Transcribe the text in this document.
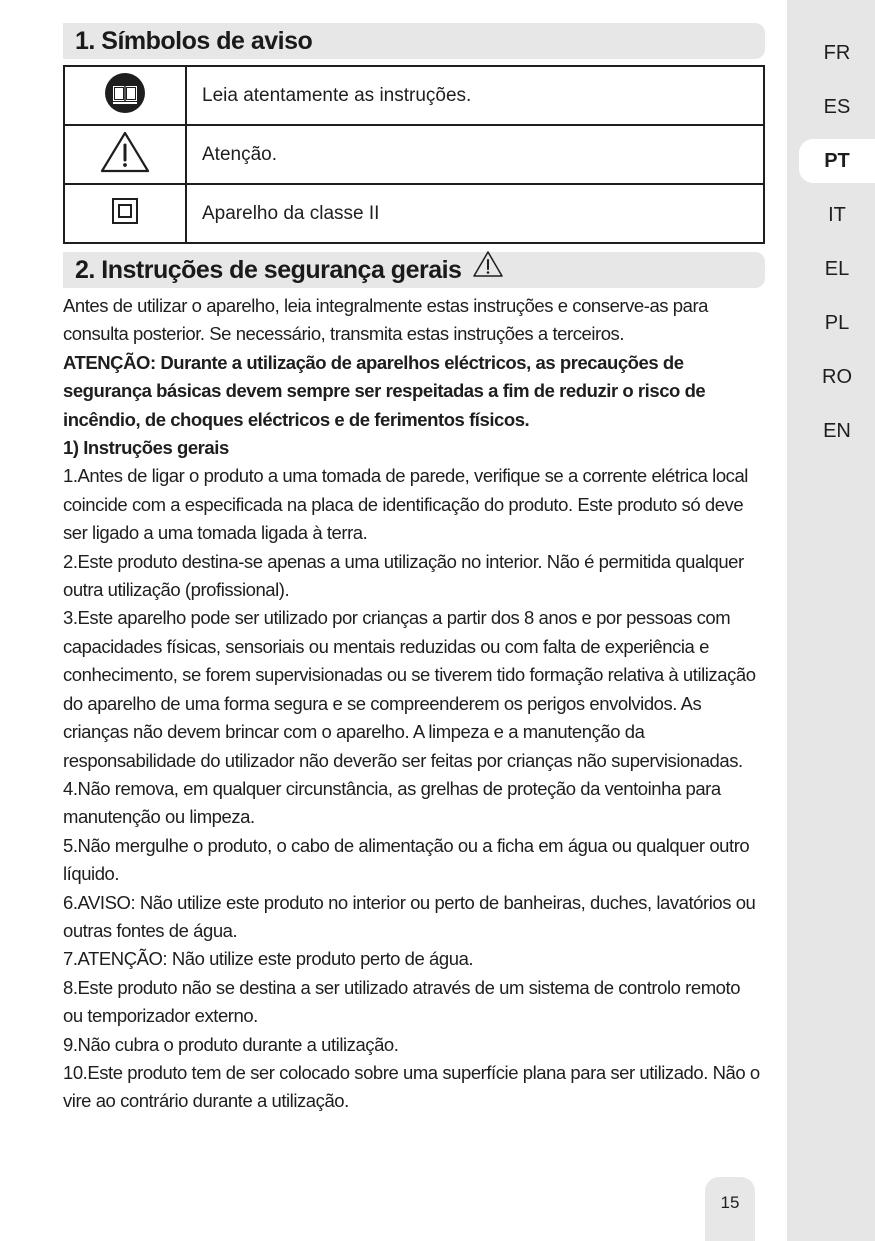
1. Símbolos de aviso
	Leia atentamente as instruções.
	Atenção.
	Aparelho da classe II
2. Instruções de segurança gerais

Antes de utilizar o aparelho, leia integralmente estas instruções e conserve-as para consulta posterior. Se necessário, transmita estas instruções a terceiros.

ATENÇÃO: Durante a utilização de aparelhos eléctricos, as precauções de segurança básicas devem sempre ser respeitadas a fim de reduzir o risco de incêndio, de choques eléctricos e de ferimentos físicos.

1) Instruções gerais

1.Antes de ligar o produto a uma tomada de parede, verifique se a corrente elétrica local coincide com a especificada na placa de identificação do produto. Este produto só deve ser ligado a uma tomada ligada à terra.

2.Este produto destina-se apenas a uma utilização no interior. Não é permitida qualquer outra utilização (profissional).

3.Este aparelho pode ser utilizado por crianças a partir dos 8 anos e por pessoas com capacidades físicas, sensoriais ou mentais reduzidas ou com falta de experiência e conhecimento, se forem supervisionadas ou se tiverem tido formação relativa à utilização do aparelho de uma forma segura e se compreenderem os perigos envolvidos. As crianças não devem brincar com o aparelho. A limpeza e a manutenção da responsabilidade do utilizador não deverão ser feitas por crianças não supervisionadas.

4.Não remova, em qualquer circunstância, as grelhas de proteção da ventoinha para manutenção ou limpeza.

5.Não mergulhe o produto, o cabo de alimentação ou a ficha em água ou qualquer outro líquido.

6.AVISO: Não utilize este produto no interior ou perto de banheiras, duches, lavatórios ou outras fontes de água.

7.ATENÇÃO: Não utilize este produto perto de água.

8.Este produto não se destina a ser utilizado através de um sistema de controlo remoto ou temporizador externo.

9.Não cubra o produto durante a utilização.

10.Este produto tem de ser colocado sobre uma superfície plana para ser utilizado. Não o vire ao contrário durante a utilização.

FR
ES
PT
IT
EL
PL
RO
EN
15
